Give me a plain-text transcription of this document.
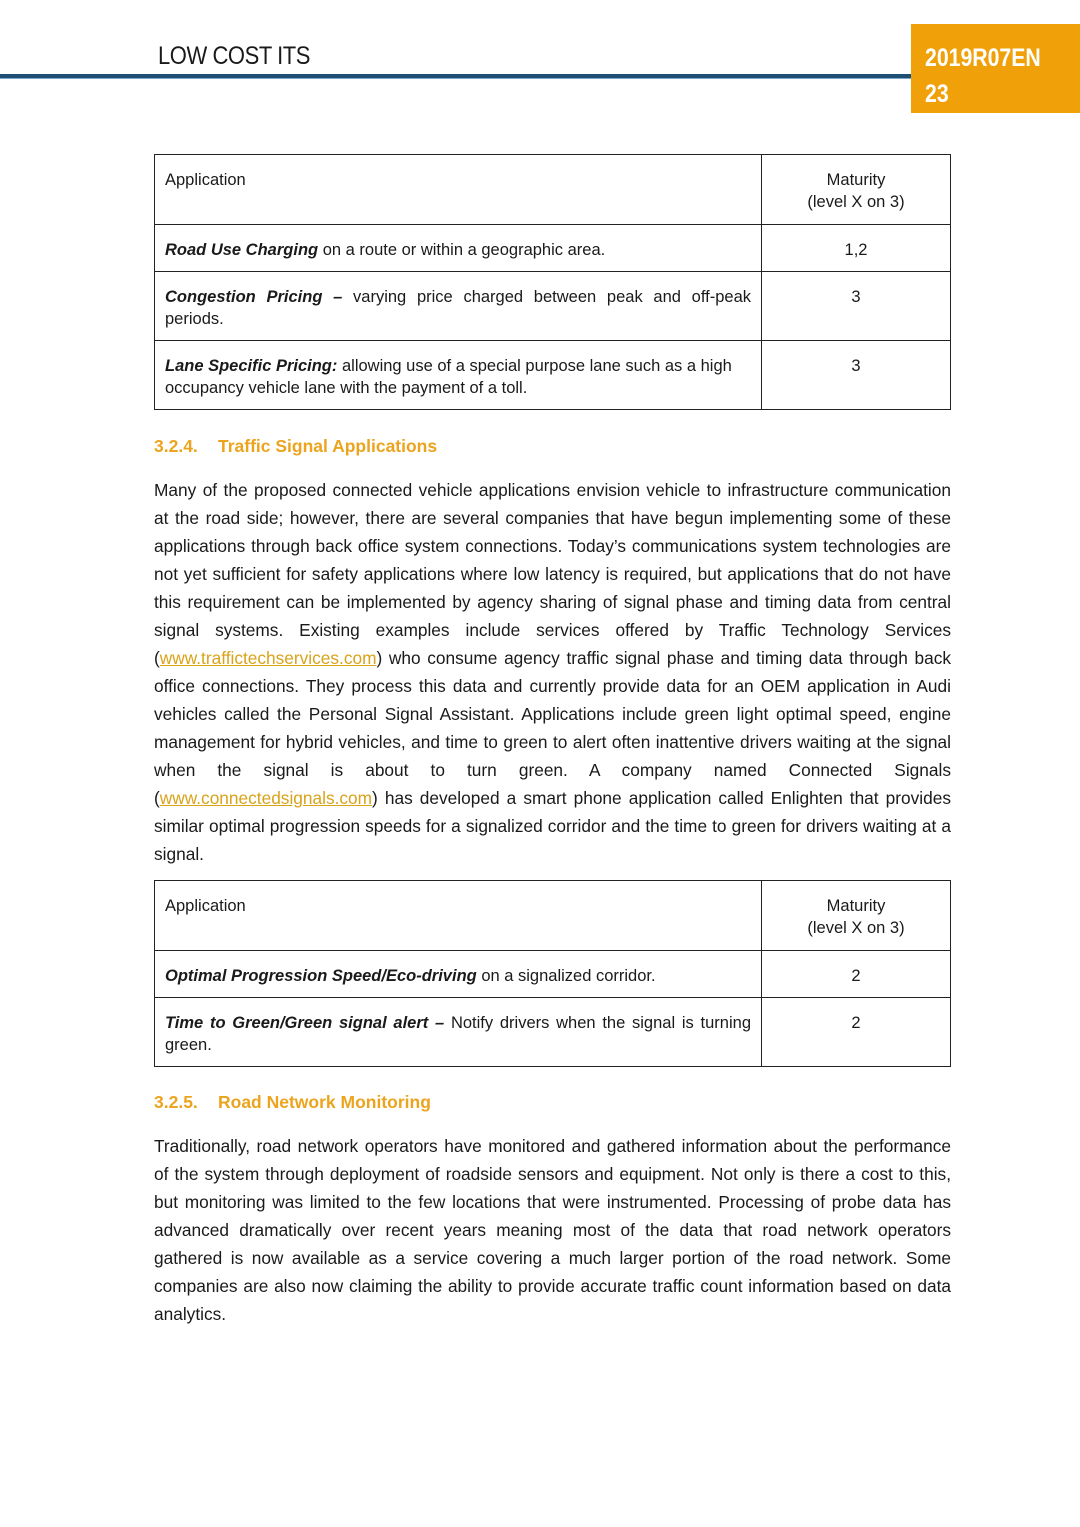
LOW COST ITS	2019R07EN
23
Application	Maturity
(level X on 3)
Road Use Charging on a route or within a geographic area.	1,2
Congestion Pricing – varying price charged between peak and off-peak periods.	3
Lane Specific Pricing: allowing use of a special purpose lane such as a high occupancy vehicle lane with the payment of a toll.	3
3.2.4. Traffic Signal Applications
Many of the proposed connected vehicle applications envision vehicle to infrastructure communication at the road side; however, there are several companies that have begun implementing some of these applications through back office system connections. Today’s communications system technologies are not yet sufficient for safety applications where low latency is required, but applications that do not have this requirement can be implemented by agency sharing of signal phase and timing data from central signal systems. Existing examples include services offered by Traffic Technology Services (www.traffictechservices.com) who consume agency traffic signal phase and timing data through back office connections. They process this data and currently provide data for an OEM application in Audi vehicles called the Personal Signal Assistant. Applications include green light optimal speed, engine management for hybrid vehicles, and time to green to alert often inattentive drivers waiting at the signal when the signal is about to turn green. A company named Connected Signals (www.connectedsignals.com) has developed a smart phone application called Enlighten that provides similar optimal progression speeds for a signalized corridor and the time to green for drivers waiting at a signal.
Application	Maturity
(level X on 3)
Optimal Progression Speed/Eco-driving on a signalized corridor.	2
Time to Green/Green signal alert – Notify drivers when the signal is turning green.	2
3.2.5. Road Network Monitoring
Traditionally, road network operators have monitored and gathered information about the performance of the system through deployment of roadside sensors and equipment. Not only is there a cost to this, but monitoring was limited to the few locations that were instrumented. Processing of probe data has advanced dramatically over recent years meaning most of the data that road network operators gathered is now available as a service covering a much larger portion of the road network. Some companies are also now claiming the ability to provide accurate traffic count information based on data analytics.
